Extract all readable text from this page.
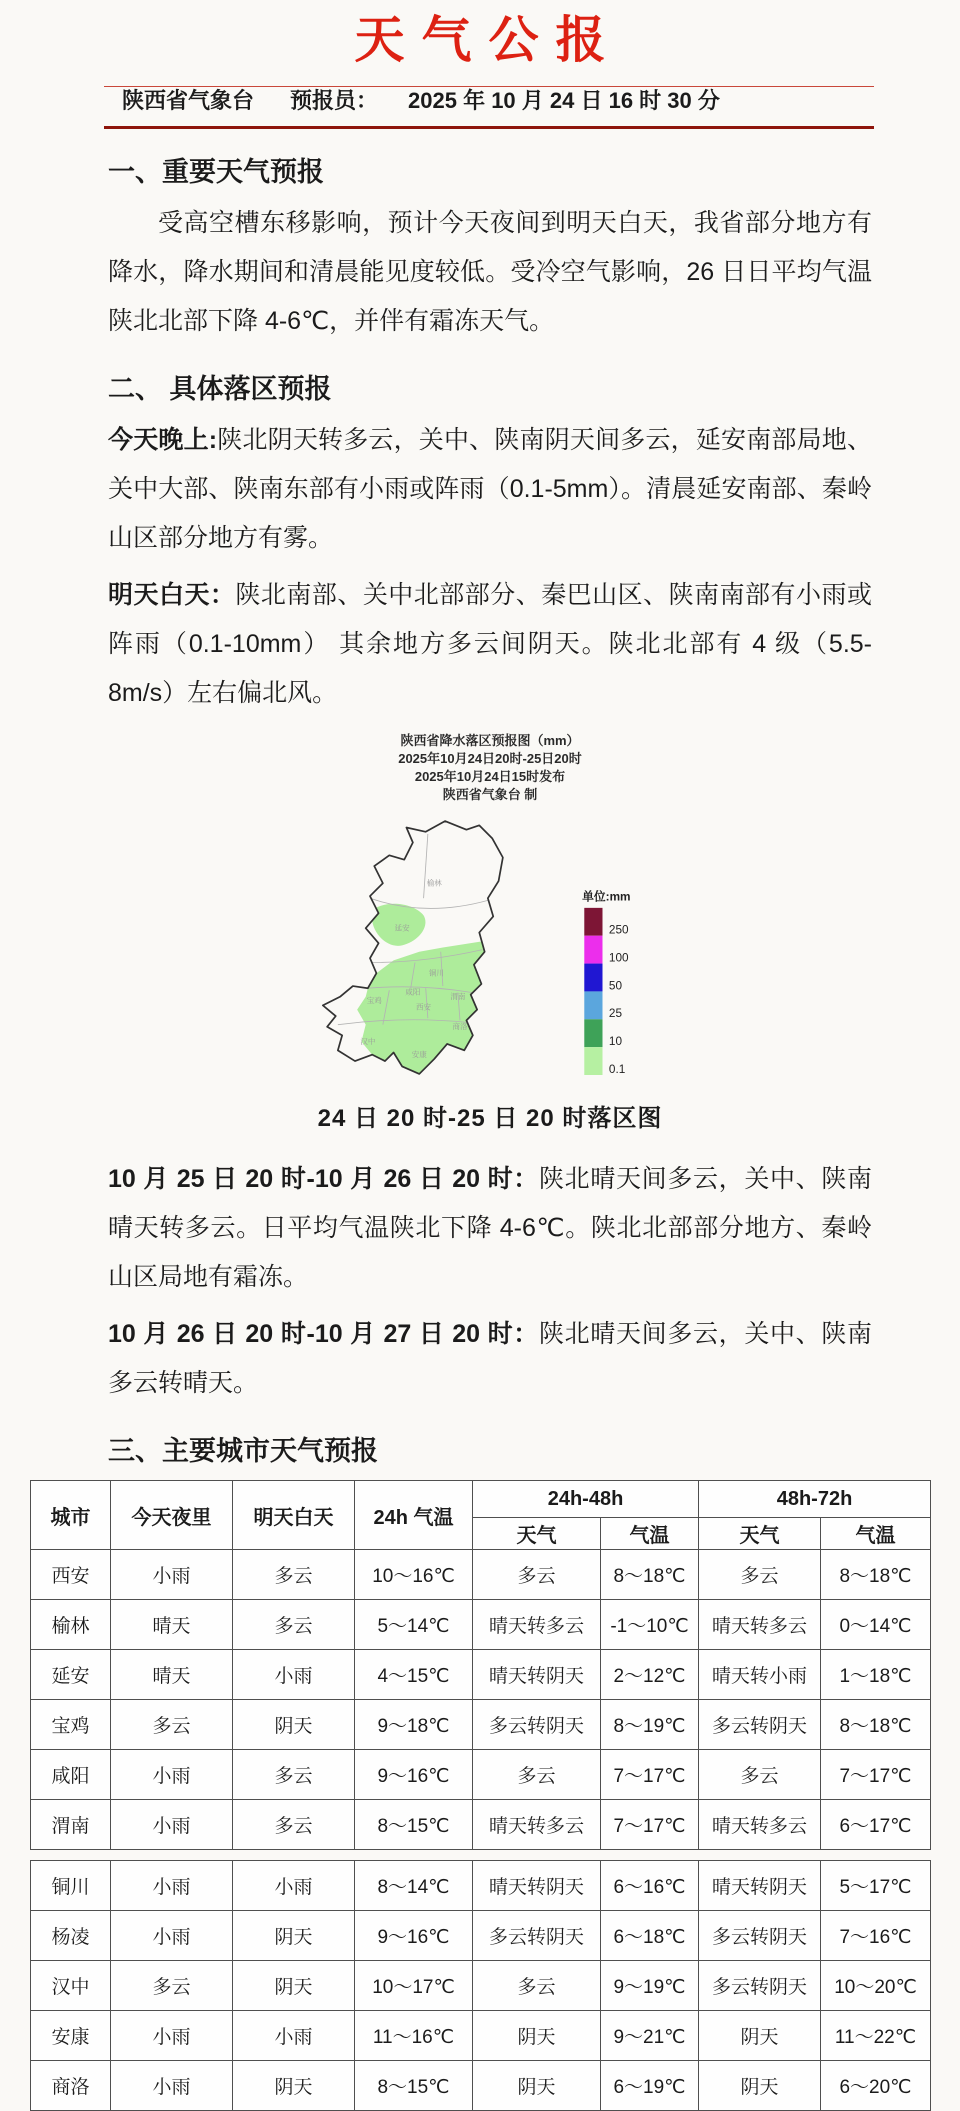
天气公报
陕西省气象台 预报员： 2025 年 10 月 24 日 16 时 30 分
一、重要天气预报

受高空槽东移影响，预计今天夜间到明天白天，我省部分地方有降水，降水期间和清晨能见度较低。受冷空气影响，26 日日平均气温陕北北部下降 4-6℃，并伴有霜冻天气。

二、 具体落区预报

今天晚上:陕北阴天转多云，关中、陕南阴天间多云，延安南部局地、关中大部、陕南东部有小雨或阵雨（0.1-5mm）。清晨延安南部、秦岭山区部分地方有雾。

明天白天：陕北南部、关中北部部分、秦巴山区、陕南南部有小雨或阵雨（0.1-10mm） 其余地方多云间阴天。陕北北部有 4 级（5.5-8m/s）左右偏北风。

陕西省降水落区预报图（mm）
2025年10月24日20时-25日20时
2025年10月24日15时发布
陕西省气象台 制
榆林
延安
铜川
渭南
咸阳
西安
宝鸡
商洛
汉中
安康
单位:mm
250
100
50
25
10
0.1
24 日 20 时-25 日 20 时落区图

10 月 25 日 20 时-10 月 26 日 20 时：陕北晴天间多云，关中、陕南晴天转多云。日平均气温陕北下降 4-6℃。陕北北部部分地方、秦岭山区局地有霜冻。

10 月 26 日 20 时-10 月 27 日 20 时：陕北晴天间多云，关中、陕南多云转晴天。

三、主要城市天气预报
城市	今天夜里	明天白天	24h 气温	24h-48h		48h-72h	
				天气	气温	天气	气温
西安	小雨	多云	10～16℃	多云	8～18℃	多云	8～18℃
榆林	晴天	多云	5～14℃	晴天转多云	-1～10℃	晴天转多云	0～14℃
延安	晴天	小雨	4～15℃	晴天转阴天	2～12℃	晴天转小雨	1～18℃
宝鸡	多云	阴天	9～18℃	多云转阴天	8～19℃	多云转阴天	8～18℃
咸阳	小雨	多云	9～16℃	多云	7～17℃	多云	7～17℃
渭南	小雨	多云	8～15℃	晴天转多云	7～17℃	晴天转多云	6～17℃
铜川	小雨	小雨	8～14℃	晴天转阴天	6～16℃	晴天转阴天	5～17℃
杨凌	小雨	阴天	9～16℃	多云转阴天	6～18℃	多云转阴天	7～16℃
汉中	多云	阴天	10～17℃	多云	9～19℃	多云转阴天	10～20℃
安康	小雨	小雨	11～16℃	阴天	9～21℃	阴天	11～22℃
商洛	小雨	阴天	8～15℃	阴天	6～19℃	阴天	6～20℃
